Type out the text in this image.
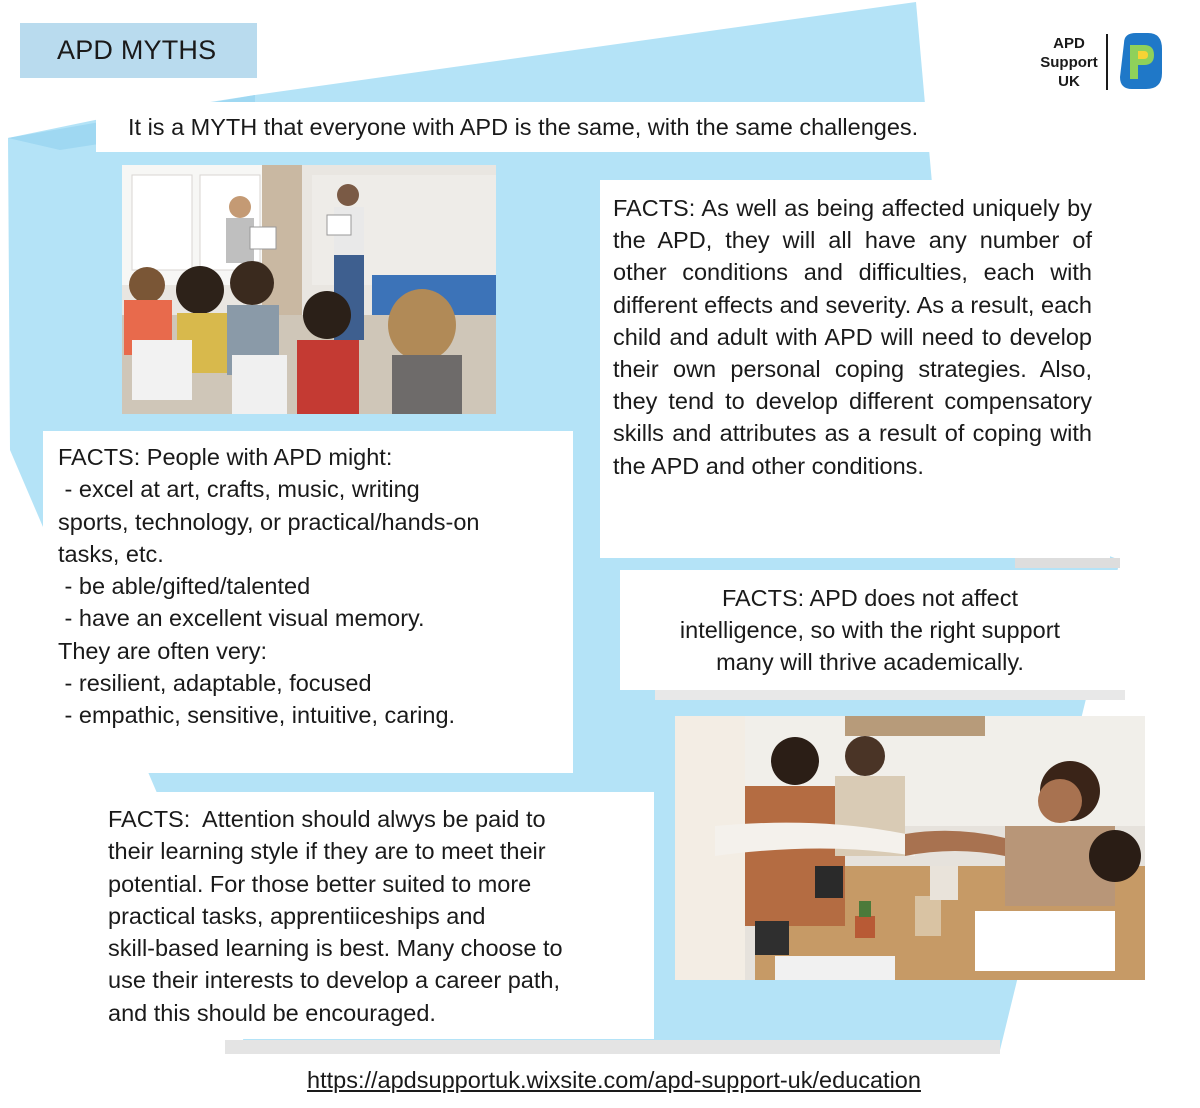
APD MYTHS	APD
Support
UK
It is a MYTH that everyone with APD is the same, with the same challenges.

FACTS: As well as being affected uniquely by the APD, they will all have any number of other conditions and difficulties, each with different effects and severity. As a result, each child and adult with APD will need to develop their own personal coping strategies. Also, they tend to develop different compensatory skills and attributes as a result of coping with the APD and other conditions.

FACTS: People with APD might:
- excel at art, crafts, music, writing
sports, technology, or practical/hands-on
tasks, etc.
- be able/gifted/talented
- have an excellent visual memory.
They are often very:
- resilient, adaptable, focused
- empathic, sensitive, intuitive, caring.
FACTS: APD does not affect
intelligence, so with the right support
many will thrive academically.
FACTS:  Attention should alwys be paid to
their learning style if they are to meet their
potential. For those better suited to more
practical tasks, apprentiiceships and
skill-based learning is best. Many choose to
use their interests to develop a career path,
and this should be encouraged.
https://apdsupportuk.wixsite.com/apd-support-uk/education
